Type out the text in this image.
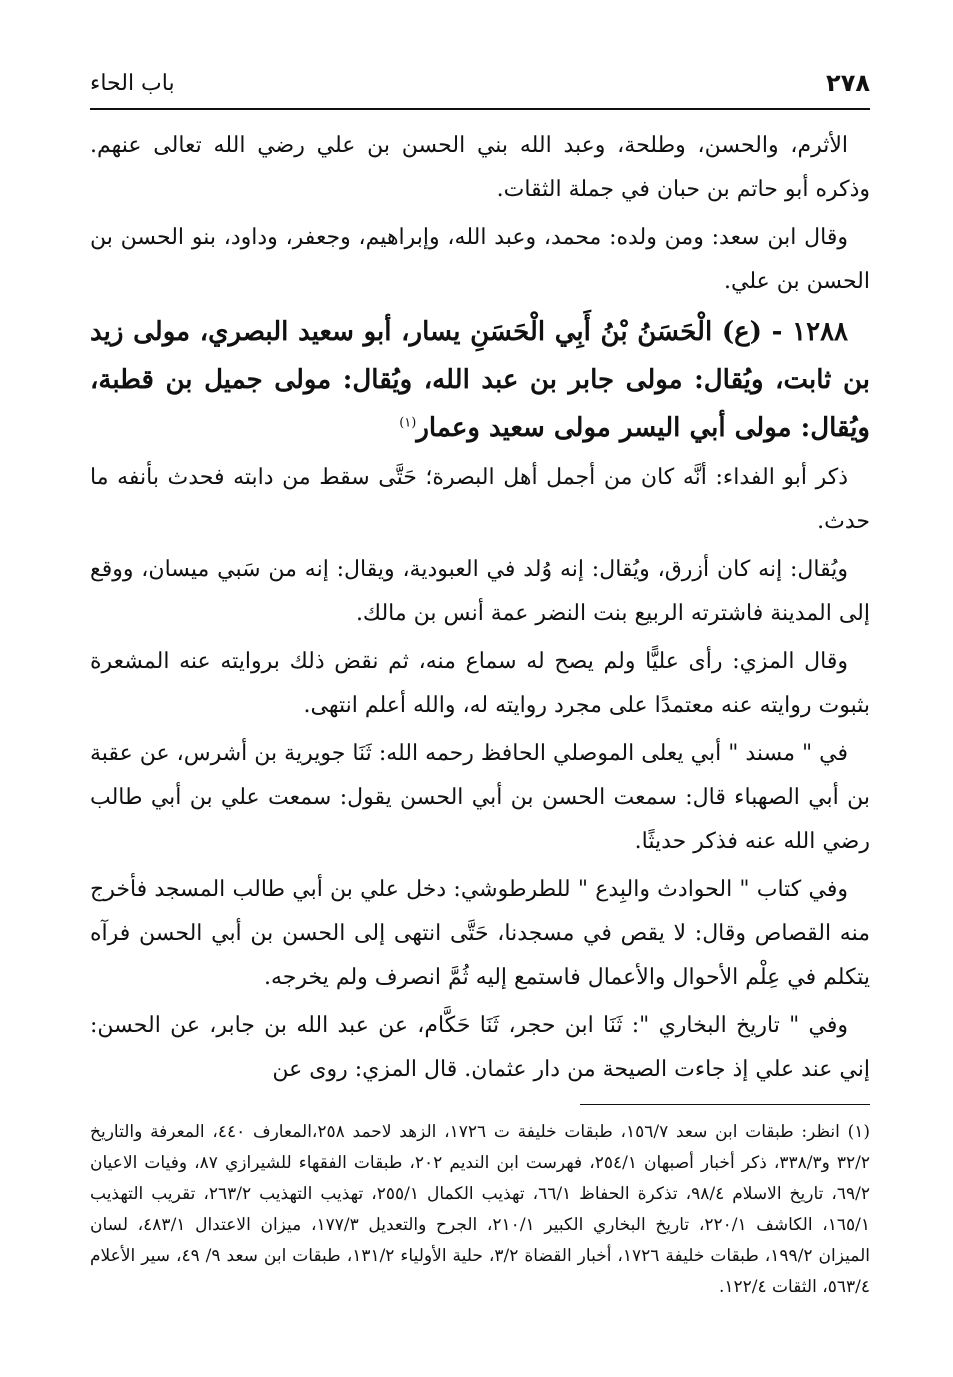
٢٧٨
باب الحاء

الأثرم، والحسن، وطلحة، وعبد الله بني الحسن بن علي رضي الله تعالى عنهم. وذكره أبو حاتم بن حبان في جملة الثقات.

وقال ابن سعد: ومن ولده: محمد، وعبد الله، وإبراهيم، وجعفر، وداود، بنو الحسن بن الحسن بن علي.

١٢٨٨ - (ع) الْحَسَنُ بْنُ أَبِي الْحَسَنِ يسار، أبو سعيد البصري، مولى زيد بن ثابت، ويُقال: مولى جابر بن عبد الله، ويُقال: مولى جميل بن قطبة، ويُقال: مولى أبي اليسر مولى سعيد وعمار$^{(١)}$

ذكر أبو الفداء: أنَّه كان من أجمل أهل البصرة؛ حَتَّى سقط من دابته فحدث بأنفه ما حدث.

ويُقال: إنه كان أزرق، ويُقال: إنه وُلد في العبودية، ويقال: إنه من سَبي ميسان، ووقع إلى المدينة فاشترته الربيع بنت النضر عمة أنس بن مالك.

وقال المزي: رأى عليًّا ولم يصح له سماع منه، ثم نقض ذلك بروايته عنه المشعرة بثبوت روايته عنه معتمدًا على مجرد روايته له، والله أعلم انتهى.

في " مسند " أبي يعلى الموصلي الحافظ رحمه الله: ثَنَا جويرية بن أشرس، عن عقبة بن أبي الصهباء قال: سمعت الحسن بن أبي الحسن يقول: سمعت علي بن أبي طالب رضي الله عنه فذكر حديثًا.

وفي كتاب " الحوادث والبِدع " للطرطوشي: دخل علي بن أبي طالب المسجد فأخرج منه القصاص وقال: لا يقص في مسجدنا، حَتَّى انتهى إلى الحسن بن أبي الحسن فرآه يتكلم في عِلْم الأحوال والأعمال فاستمع إليه ثُمَّ انصرف ولم يخرجه.

وفي " تاريخ البخاري ": ثَنَا ابن حجر، ثَنَا حَكَّام، عن عبد الله بن جابر، عن الحسن: إني عند علي إذ جاءت الصيحة من دار عثمان. قال المزي: روى عن

(١) انظر: طبقات ابن سعد ١٥٦/٧، طبقات خليفة ت ١٧٢٦، الزهد لاحمد ٢٥٨،المعارف ٤٤٠، المعرفة والتاريخ ٣٢/٢ و٣٣٨/٣، ذكر أخبار أصبهان ٢٥٤/١، فهرست ابن النديم ٢٠٢، طبقات الفقهاء للشيرازي ٨٧، وفيات الاعيان ٦٩/٢، تاريخ الاسلام ٩٨/٤، تذكرة الحفاظ ٦٦/١، تهذيب الكمال ٢٥٥/١، تهذيب التهذيب ٢٦٣/٢، تقريب التهذيب ١٦٥/١، الكاشف ٢٢٠/١، تاريخ البخاري الكبير ٢١٠/١، الجرح والتعديل ١٧٧/٣، ميزان الاعتدال ٤٨٣/١، لسان الميزان ١٩٩/٢، طبقات خليفة ١٧٢٦، أخبار القضاة ٣/٢، حلية الأولياء ١٣١/٢، طبقات ابن سعد ٩/ ٤٩، سير الأعلام ٥٦٣/٤، الثقات ١٢٢/٤.
